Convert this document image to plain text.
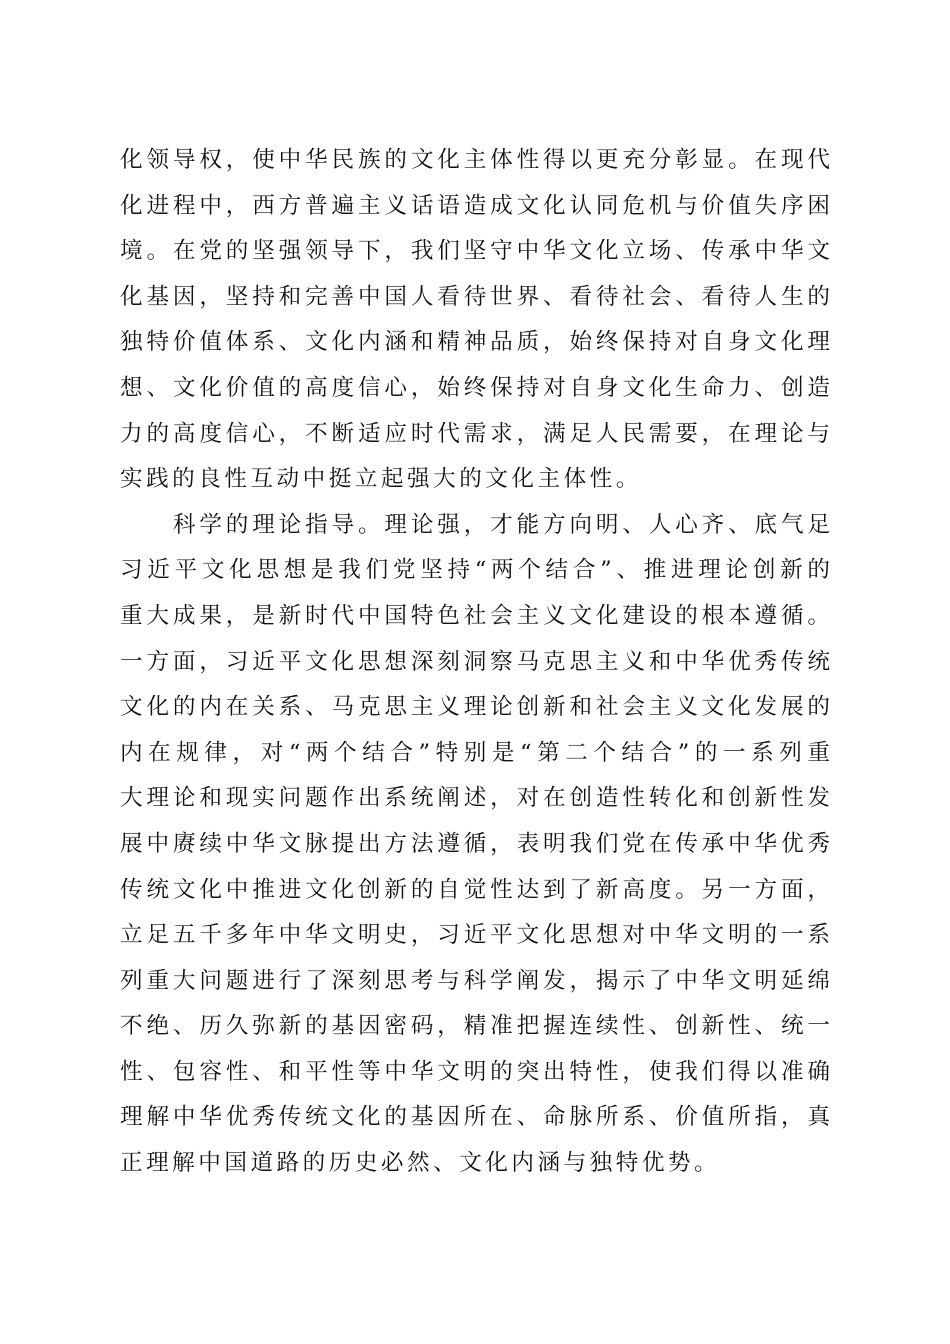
化领导权，使中华民族的文化主体性得以更充分彰显。在现代
化进程中，西方普遍主义话语造成文化认同危机与价值失序困
境。在党的坚强领导下，我们坚守中华文化立场、传承中华文
化基因，坚持和完善中国人看待世界、看待社会、看待人生的
独特价值体系、文化内涵和精神品质，始终保持对自身文化理
想、文化价值的高度信心，始终保持对自身文化生命力、创造
力的高度信心，不断适应时代需求，满足人民需要，在理论与
实践的良性互动中挺立起强大的文化主体性。
　　科学的理论指导。理论强，才能方向明、人心齐、底气足
习近平文化思想是我们党坚持“两个结合”、推进理论创新的
重大成果，是新时代中国特色社会主义文化建设的根本遵循。
一方面，习近平文化思想深刻洞察马克思主义和中华优秀传统
文化的内在关系、马克思主义理论创新和社会主义文化发展的
内在规律，对“两个结合”特别是“第二个结合”的一系列重
大理论和现实问题作出系统阐述，对在创造性转化和创新性发
展中赓续中华文脉提出方法遵循，表明我们党在传承中华优秀
传统文化中推进文化创新的自觉性达到了新高度。另一方面，
立足五千多年中华文明史，习近平文化思想对中华文明的一系
列重大问题进行了深刻思考与科学阐发，揭示了中华文明延绵
不绝、历久弥新的基因密码，精准把握连续性、创新性、统一
性、包容性、和平性等中华文明的突出特性，使我们得以准确
理解中华优秀传统文化的基因所在、命脉所系、价值所指，真
正理解中国道路的历史必然、文化内涵与独特优势。
